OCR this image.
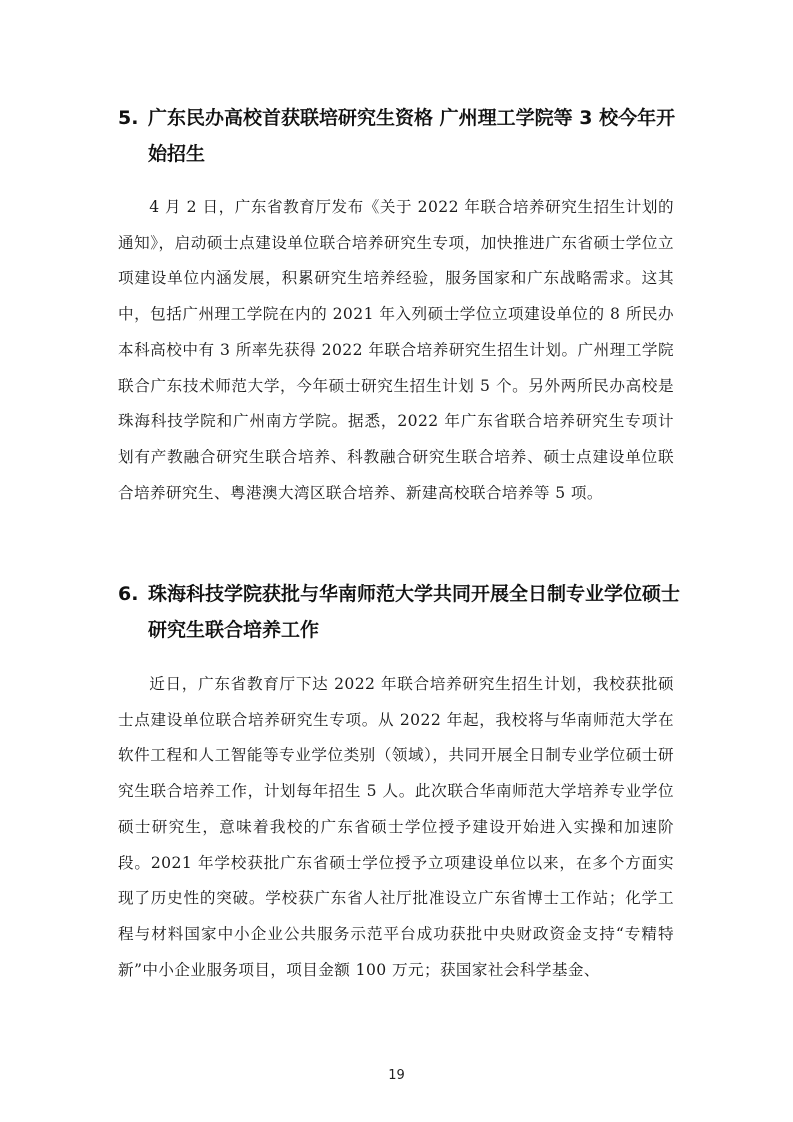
5. 广东民办高校首获联培研究生资格 广州理工学院等 3 校今年开始招生

4 月 2 日，广东省教育厅发布《关于 2022 年联合培养研究生招生计划的通知》，启动硕士点建设单位联合培养研究生专项，加快推进广东省硕士学位立项建设单位内涵发展，积累研究生培养经验，服务国家和广东战略需求。这其中，包括广州理工学院在内的 2021 年入列硕士学位立项建设单位的 8 所民办本科高校中有 3 所率先获得 2022 年联合培养研究生招生计划。广州理工学院联合广东技术师范大学，今年硕士研究生招生计划 5 个。另外两所民办高校是珠海科技学院和广州南方学院。据悉，2022 年广东省联合培养研究生专项计划有产教融合研究生联合培养、科教融合研究生联合培养、硕士点建设单位联合培养研究生、粤港澳大湾区联合培养、新建高校联合培养等 5 项。

6. 珠海科技学院获批与华南师范大学共同开展全日制专业学位硕士研究生联合培养工作

近日，广东省教育厅下达 2022 年联合培养研究生招生计划，我校获批硕士点建设单位联合培养研究生专项。从 2022 年起，我校将与华南师范大学在软件工程和人工智能等专业学位类别（领域），共同开展全日制专业学位硕士研究生联合培养工作，计划每年招生 5 人。此次联合华南师范大学培养专业学位硕士研究生，意味着我校的广东省硕士学位授予建设开始进入实操和加速阶段。2021 年学校获批广东省硕士学位授予立项建设单位以来，在多个方面实现了历史性的突破。学校获广东省人社厅批准设立广东省博士工作站；化学工程与材料国家中小企业公共服务示范平台成功获批中央财政资金支持“专精特新”中小企业服务项目，项目金额 100 万元；获国家社会科学基金、

19
